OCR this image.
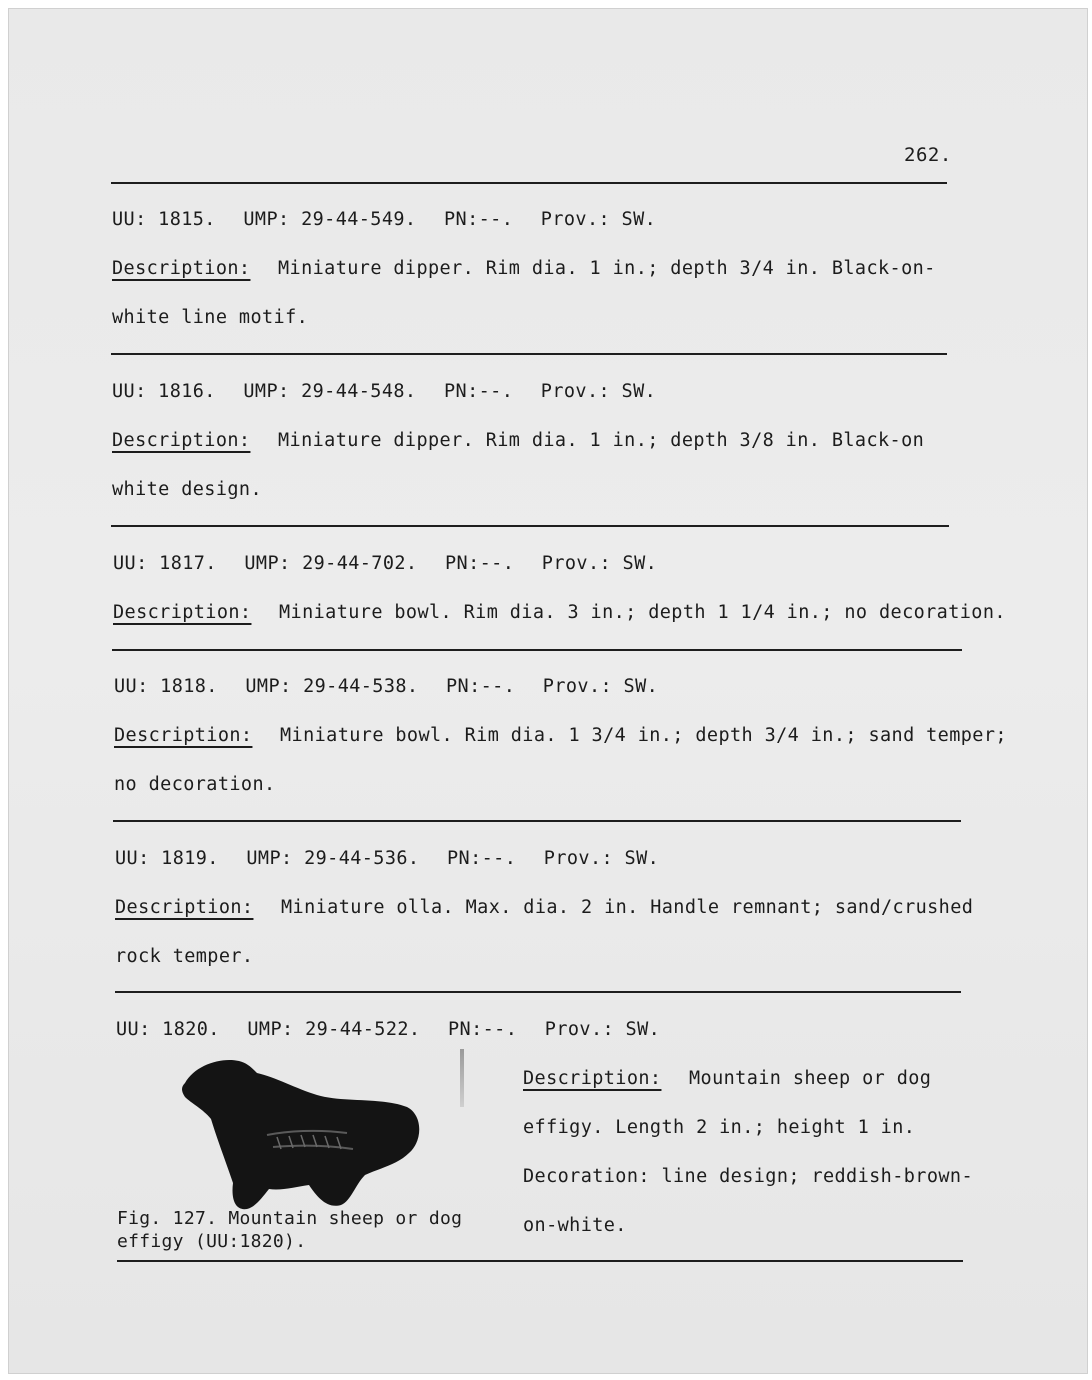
262.
UU: 1815. UMP: 29-44-549. PN:--. Prov.: SW.
Description: Miniature dipper. Rim dia. 1 in.; depth 3/4 in. Black-on-
white line motif.
UU: 1816. UMP: 29-44-548. PN:--. Prov.: SW.
Description: Miniature dipper. Rim dia. 1 in.; depth 3/8 in. Black-on
white design.
UU: 1817. UMP: 29-44-702. PN:--. Prov.: SW.
Description: Miniature bowl. Rim dia. 3 in.; depth 1 1/4 in.; no decoration.
UU: 1818. UMP: 29-44-538. PN:--. Prov.: SW.
Description: Miniature bowl. Rim dia. 1 3/4 in.; depth 3/4 in.; sand temper;
no decoration.
UU: 1819. UMP: 29-44-536. PN:--. Prov.: SW.
Description: Miniature olla. Max. dia. 2 in. Handle remnant; sand/crushed
rock temper.
UU: 1820. UMP: 29-44-522. PN:--. Prov.: SW.
Fig. 127. Mountain sheep or dog
effigy (UU:1820).
Description: Mountain sheep or dog
effigy. Length 2 in.; height 1 in.
Decoration: line design; reddish-brown-
on-white.
